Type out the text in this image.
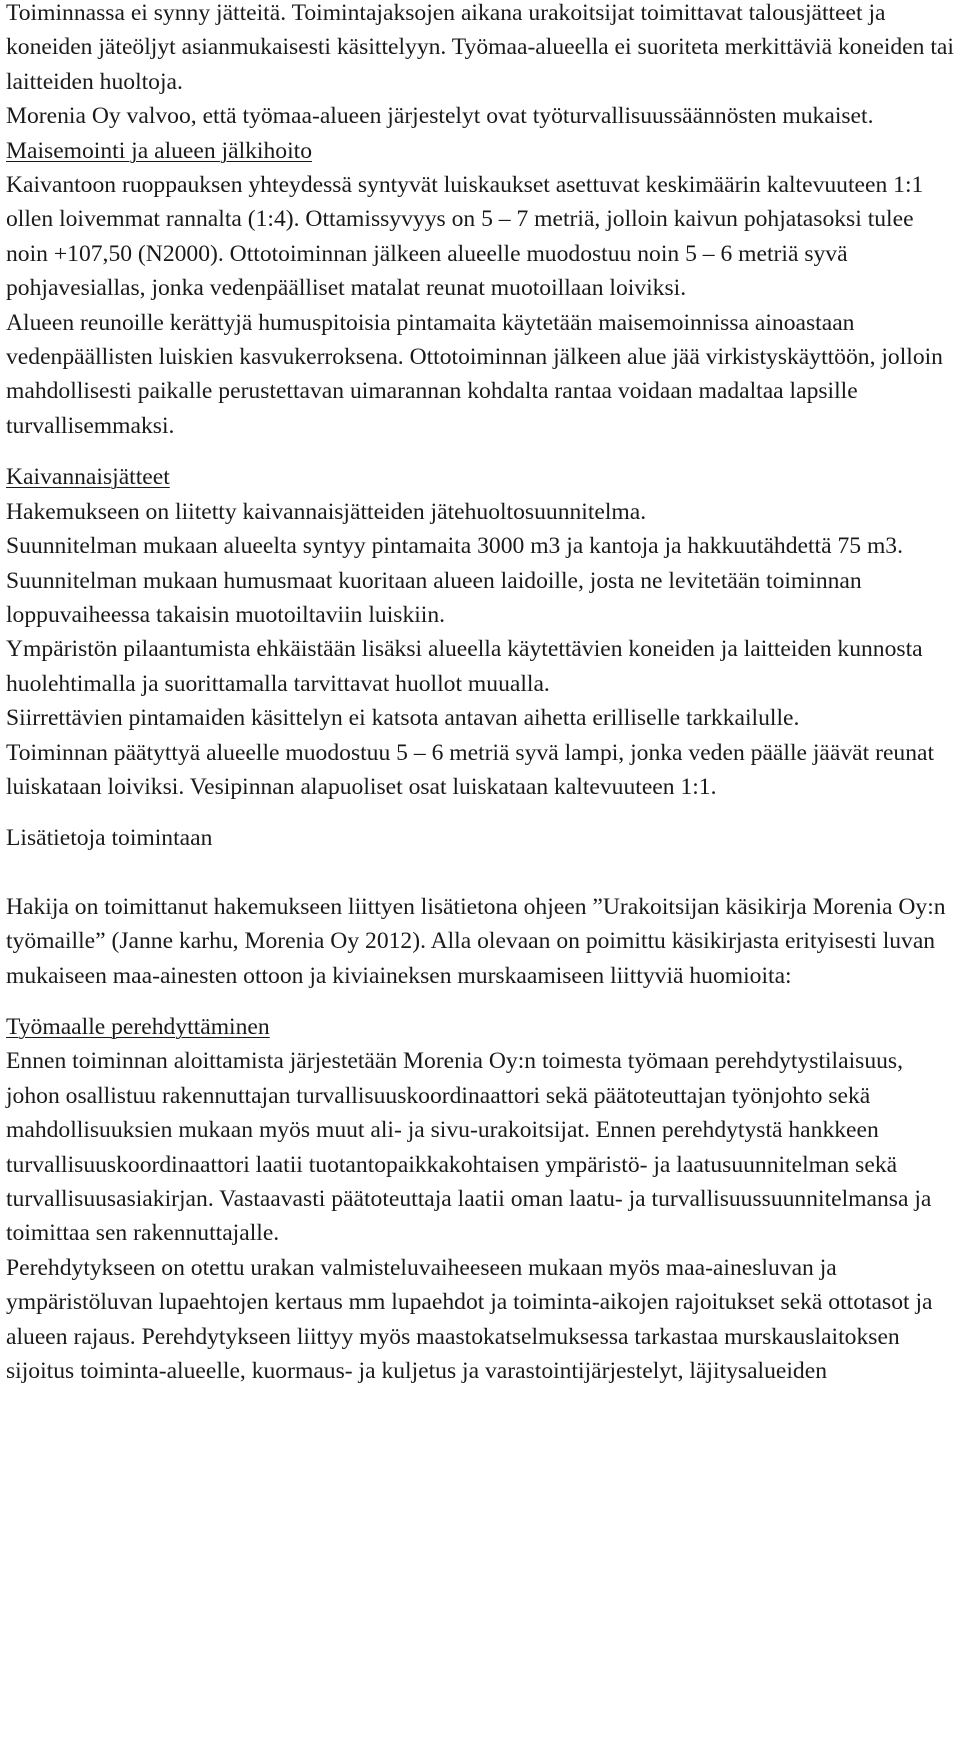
Toiminnassa ei synny jätteitä. Toimintajaksojen aikana urakoitsijat toimittavat talousjätteet ja koneiden jäteöljyt asianmukaisesti käsittelyyn. Työmaa-alueella ei suoriteta merkittäviä koneiden tai laitteiden huoltoja.

Morenia Oy valvoo, että työmaa-alueen järjestelyt ovat työturvallisuussäännösten mukaiset.

Maisemointi ja alueen jälkihoito

Kaivantoon ruoppauksen yhteydessä syntyvät luiskaukset asettuvat keskimäärin kaltevuuteen 1:1 ollen loivemmat rannalta (1:4). Ottamissyvyys on 5 – 7 metriä, jolloin kaivun pohjatasoksi tulee noin +107,50 (N2000). Ottotoiminnan jälkeen alueelle muodostuu noin 5 – 6 metriä syvä pohjavesiallas, jonka vedenpäälliset matalat reunat muotoillaan loiviksi.

Alueen reunoille kerättyjä humuspitoisia pintamaita käytetään maisemoinnissa ainoastaan vedenpäällisten luiskien kasvukerroksena. Ottotoiminnan jälkeen alue jää virkistyskäyttöön, jolloin mahdollisesti paikalle perustettavan uimarannan kohdalta rantaa voidaan madaltaa lapsille turvallisemmaksi.

Kaivannaisjätteet

Hakemukseen on liitetty kaivannaisjätteiden jätehuoltosuunnitelma.

Suunnitelman mukaan alueelta syntyy pintamaita 3000 m3 ja kantoja ja hakkuutähdettä 75 m3.

Suunnitelman mukaan humusmaat kuoritaan alueen laidoille, josta ne levitetään toiminnan loppuvaiheessa takaisin muotoiltaviin luiskiin.

Ympäristön pilaantumista ehkäistään lisäksi alueella käytettävien koneiden ja laitteiden kunnosta huolehtimalla ja suorittamalla tarvittavat huollot muualla.

Siirrettävien pintamaiden käsittelyn ei katsota antavan aihetta erilliselle tarkkailulle.

Toiminnan päätyttyä alueelle muodostuu 5 – 6 metriä syvä lampi, jonka veden päälle jäävät reunat luiskataan loiviksi. Vesipinnan alapuoliset osat luiskataan kaltevuuteen 1:1.

Lisätietoja toimintaan

Hakija on toimittanut hakemukseen liittyen lisätietona ohjeen ”Urakoitsijan käsikirja Morenia Oy:n työmaille” (Janne karhu, Morenia Oy 2012). Alla olevaan on poimittu käsikirjasta erityisesti luvan mukaiseen maa-ainesten ottoon ja kiviaineksen murskaamiseen liittyviä huomioita:

Työmaalle perehdyttäminen

Ennen toiminnan aloittamista järjestetään Morenia Oy:n toimesta työmaan perehdytystilaisuus, johon osallistuu rakennuttajan turvallisuuskoordinaattori sekä päätoteuttajan työnjohto sekä mahdollisuuksien mukaan myös muut ali- ja sivu-urakoitsijat. Ennen perehdytystä hankkeen turvallisuuskoordinaattori laatii tuotantopaikkakohtaisen ympäristö- ja laatusuunnitelman sekä turvallisuusasiakirjan. Vastaavasti päätoteuttaja laatii oman laatu- ja turvallisuussuunnitelmansa ja toimittaa sen rakennuttajalle.

Perehdytykseen on otettu urakan valmisteluvaiheeseen mukaan myös maa-ainesluvan ja ympäristöluvan lupaehtojen kertaus mm lupaehdot ja toiminta-aikojen rajoitukset sekä ottotasot ja alueen rajaus. Perehdytykseen liittyy myös maastokatselmuksessa tarkastaa murskauslaitoksen sijoitus toiminta-alueelle, kuormaus- ja kuljetus ja varastointijärjestelyt, läjitysalueiden
